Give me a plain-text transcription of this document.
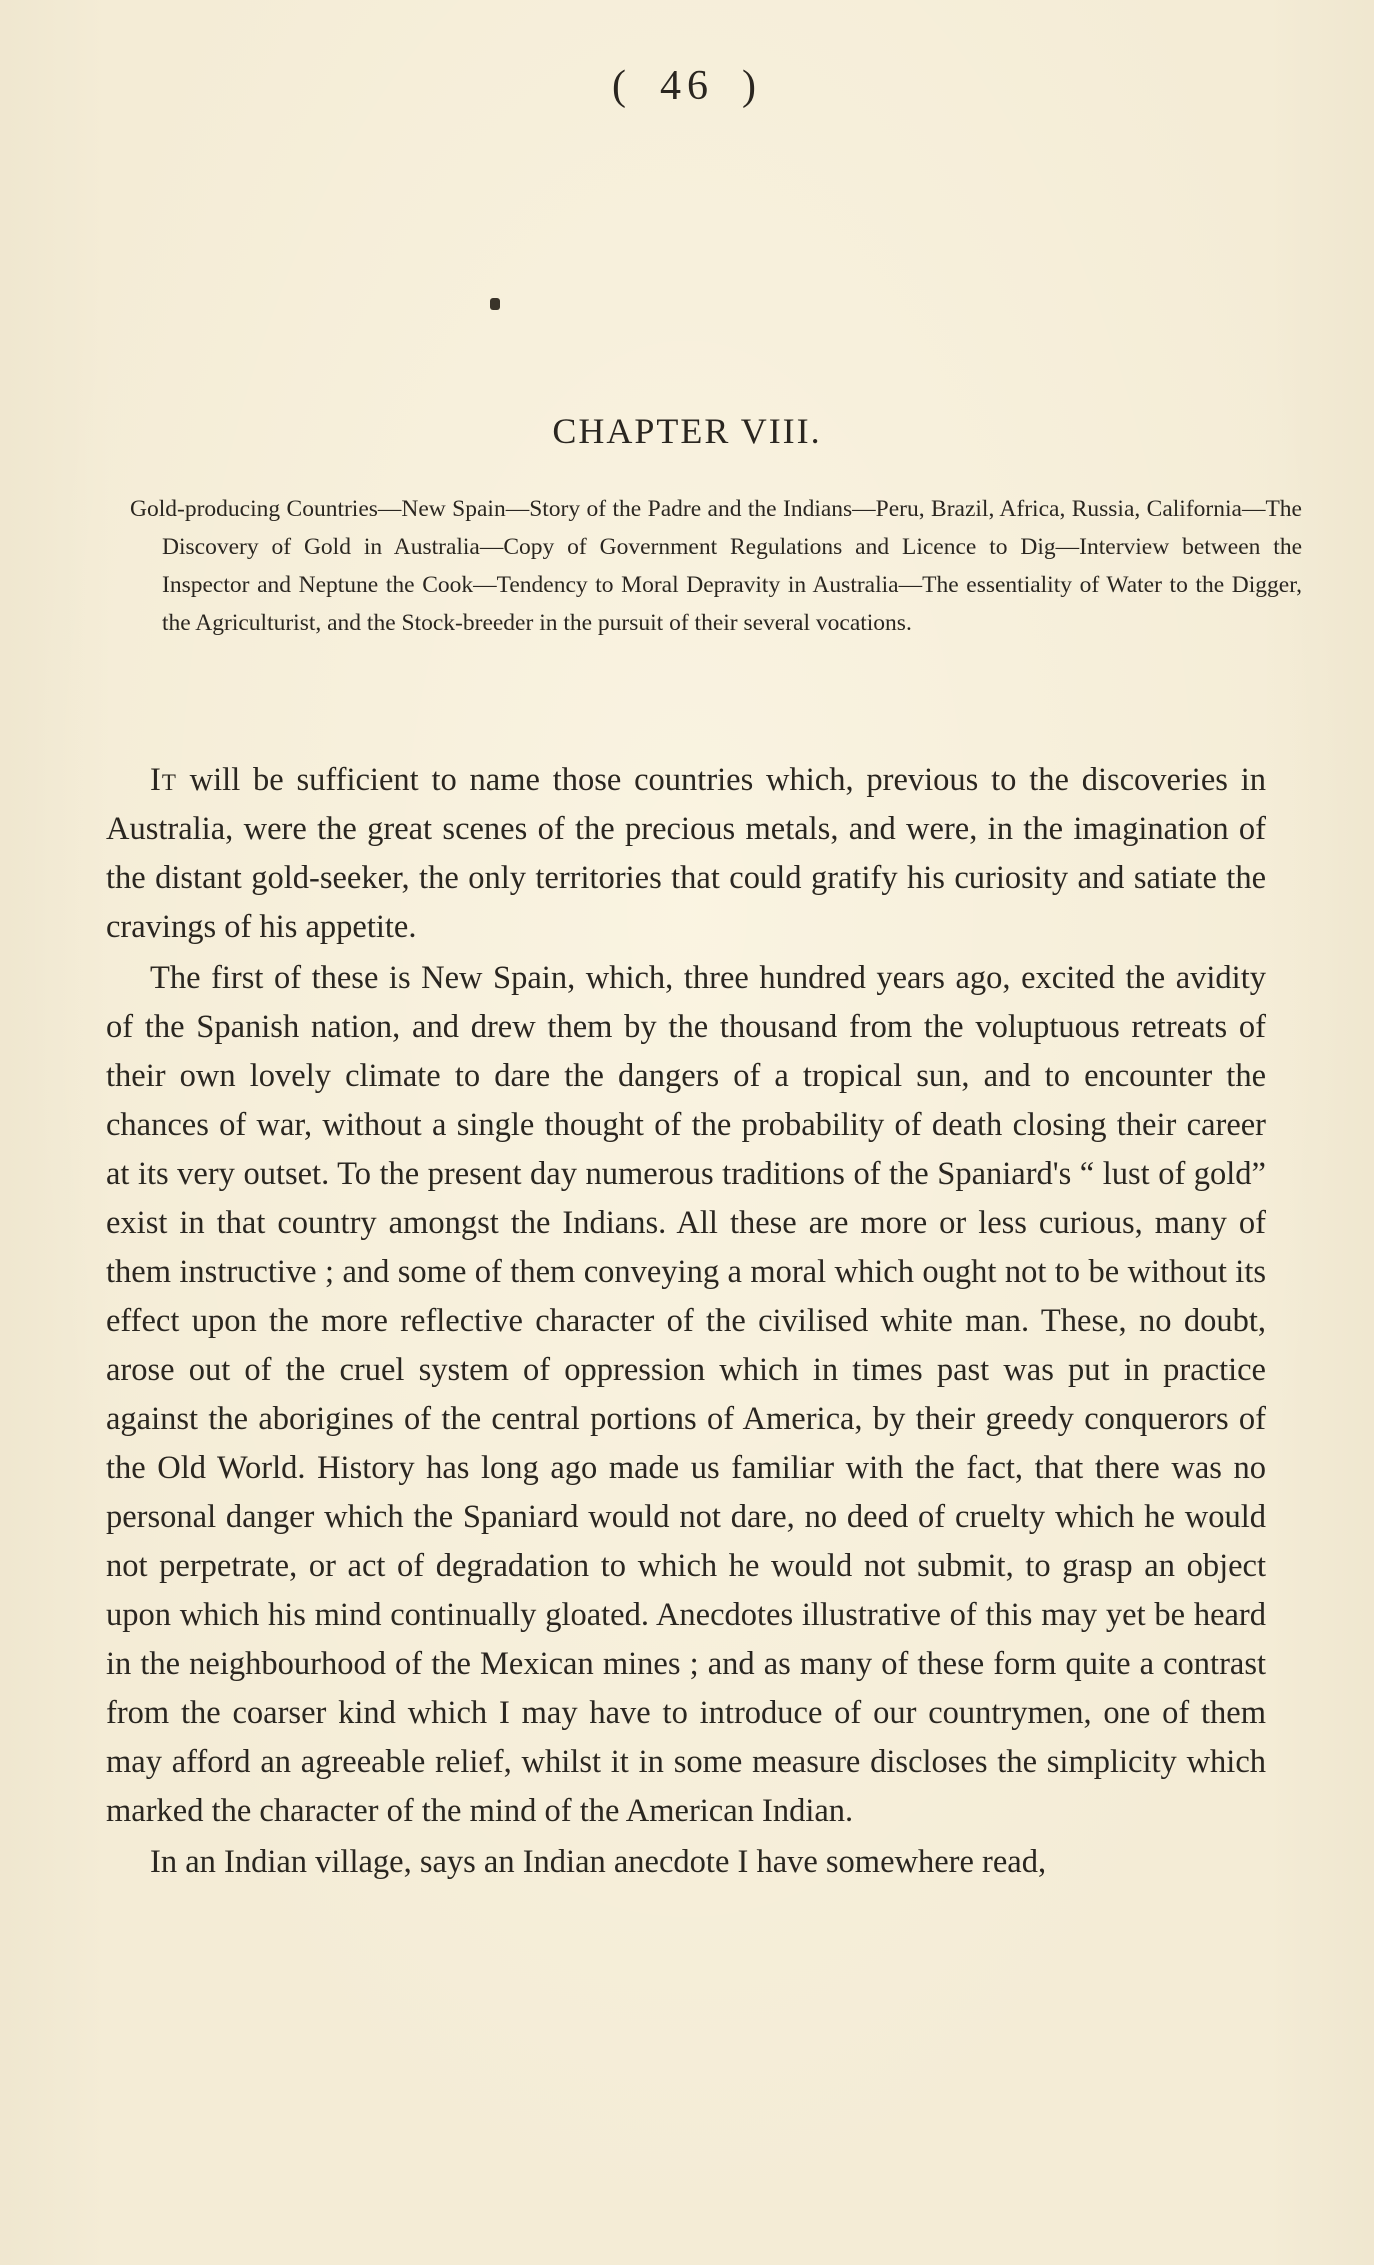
( 46 )
CHAPTER VIII.

Gold-producing Countries—New Spain—Story of the Padre and the Indians—Peru, Brazil, Africa, Russia, California—The Discovery of Gold in Australia—Copy of Government Regulations and Licence to Dig—Interview between the Inspector and Neptune the Cook—Tendency to Moral Depravity in Australia—The essentiality of Water to the Digger, the Agriculturist, and the Stock-breeder in the pursuit of their several vocations.

It will be sufficient to name those countries which, previous to the discoveries in Australia, were the great scenes of the precious metals, and were, in the imagination of the distant gold-seeker, the only territories that could gratify his curiosity and satiate the cravings of his appetite.

The first of these is New Spain, which, three hundred years ago, excited the avidity of the Spanish nation, and drew them by the thousand from the voluptuous retreats of their own lovely climate to dare the dangers of a tropical sun, and to encounter the chances of war, without a single thought of the probability of death closing their career at its very outset. To the present day numerous traditions of the Spaniard's “ lust of gold” exist in that country amongst the Indians. All these are more or less curious, many of them instructive ; and some of them conveying a moral which ought not to be without its effect upon the more reflective character of the civilised white man. These, no doubt, arose out of the cruel system of oppression which in times past was put in practice against the aborigines of the central portions of America, by their greedy conquerors of the Old World. History has long ago made us familiar with the fact, that there was no personal danger which the Spaniard would not dare, no deed of cruelty which he would not perpetrate, or act of degradation to which he would not submit, to grasp an object upon which his mind continually gloated. Anecdotes illustrative of this may yet be heard in the neighbourhood of the Mexican mines ; and as many of these form quite a contrast from the coarser kind which I may have to introduce of our countrymen, one of them may afford an agreeable relief, whilst it in some measure discloses the simplicity which marked the character of the mind of the American Indian.

In an Indian village, says an Indian anecdote I have somewhere read,
